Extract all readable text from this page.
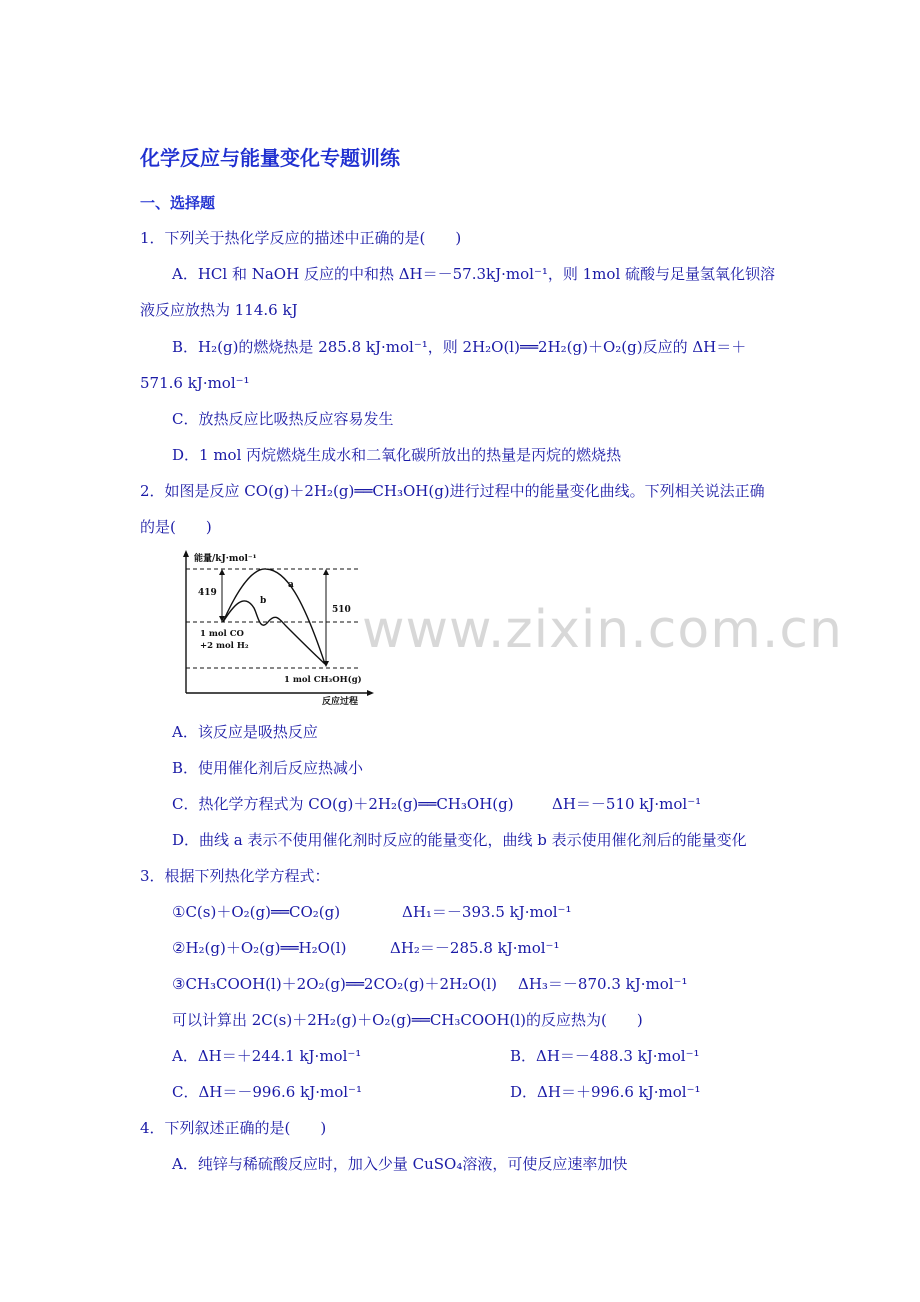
化学反应与能量变化专题训练
一、选择题
1．下列关于热化学反应的描述中正确的是(　　)
A．HCl 和 NaOH 反应的中和热 ΔH＝－57.3kJ·mol⁻¹，则 1mol 硫酸与足量氢氧化钡溶
液反应放热为 114.6 kJ
B．H₂(g)的燃烧热是 285.8 kJ·mol⁻¹，则 2H₂O(l)══2H₂(g)＋O₂(g)反应的 ΔH＝＋
571.6 kJ·mol⁻¹
C．放热反应比吸热反应容易发生
D．1 mol 丙烷燃烧生成水和二氧化碳所放出的热量是丙烷的燃烧热
2．如图是反应 CO(g)＋2H₂(g)══CH₃OH(g)进行过程中的能量变化曲线。下列相关说法正确
的是(　　)
能量/kJ·mol⁻¹
反应过程
a
b
419
510
1 mol CO
+2 mol H₂
1 mol CH₃OH(g)
A．该反应是吸热反应
B．使用催化剂后反应热减小
C．热化学方程式为 CO(g)＋2H₂(g)══CH₃OH(g)	ΔH＝－510 kJ·mol⁻¹
D．曲线 a 表示不使用催化剂时反应的能量变化，曲线 b 表示使用催化剂后的能量变化
3．根据下列热化学方程式：
①C(s)＋O₂(g)══CO₂(g)	ΔH₁＝－393.5 kJ·mol⁻¹
②H₂(g)＋O₂(g)══H₂O(l)	ΔH₂＝－285.8 kJ·mol⁻¹
③CH₃COOH(l)＋2O₂(g)══2CO₂(g)＋2H₂O(l) ΔH₃＝－870.3 kJ·mol⁻¹
可以计算出 2C(s)＋2H₂(g)＋O₂(g)══CH₃COOH(l)的反应热为(　　)
A．ΔH＝＋244.1 kJ·mol⁻¹	B．ΔH＝－488.3 kJ·mol⁻¹
C．ΔH＝－996.6 kJ·mol⁻¹	D．ΔH＝＋996.6 kJ·mol⁻¹
4．下列叙述正确的是(　　)
A．纯锌与稀硫酸反应时，加入少量 CuSO₄溶液，可使反应速率加快
www.zixin.com.cn
